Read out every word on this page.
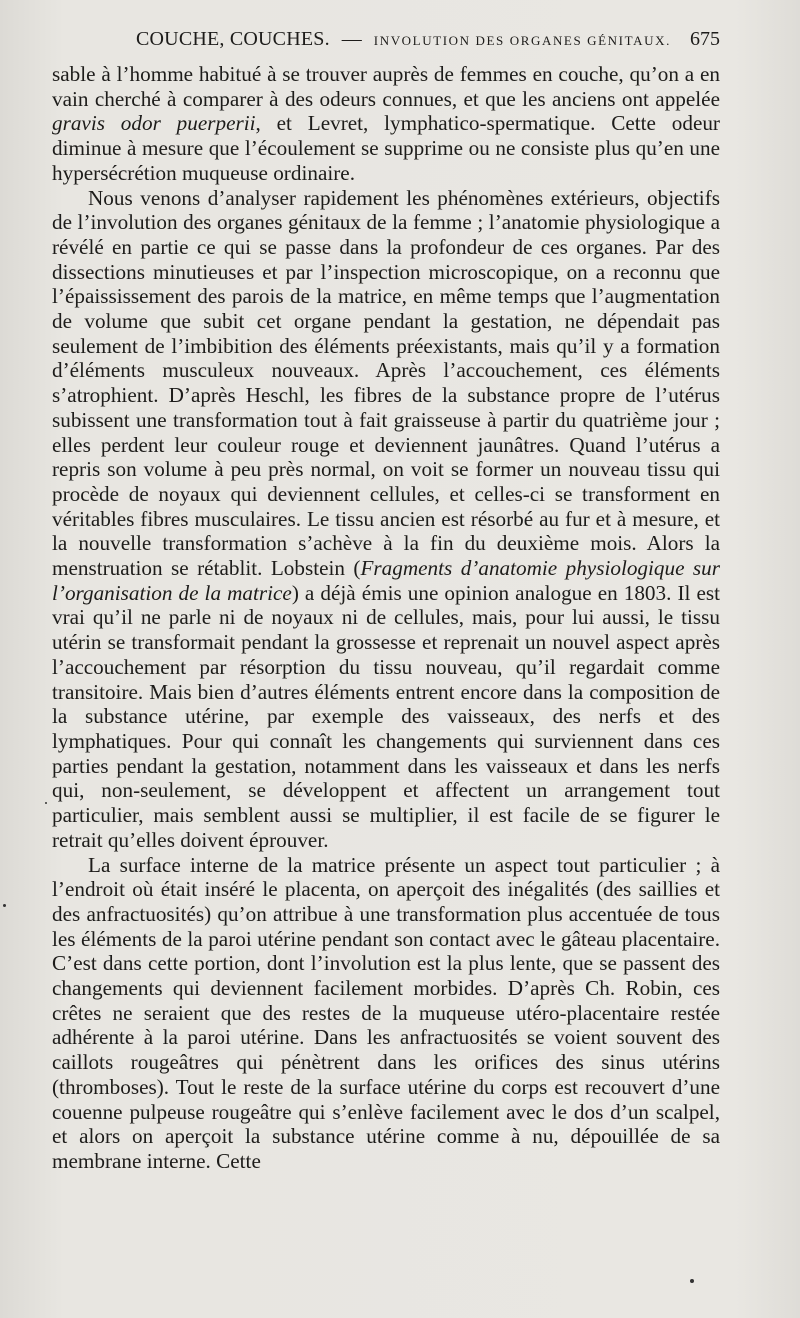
COUCHE, COUCHES. — INVOLUTION DES ORGANES GÉNITAUX. 675

sable à l’homme habitué à se trouver auprès de femmes en couche, qu’on a en vain cherché à comparer à des odeurs connues, et que les anciens ont appelée gravis odor puerperii, et Levret, lymphatico-spermatique. Cette odeur diminue à mesure que l’écoulement se supprime ou ne consiste plus qu’en une hypersécrétion muqueuse ordinaire.

Nous venons d’analyser rapidement les phénomènes extérieurs, objectifs de l’involution des organes génitaux de la femme ; l’anatomie physiologique a révélé en partie ce qui se passe dans la profondeur de ces organes. Par des dissections minutieuses et par l’inspection microscopique, on a reconnu que l’épaississement des parois de la matrice, en même temps que l’augmentation de volume que subit cet organe pendant la gestation, ne dépendait pas seulement de l’imbibition des éléments préexistants, mais qu’il y a formation d’éléments musculeux nouveaux. Après l’accouchement, ces éléments s’atrophient. D’après Heschl, les fibres de la substance propre de l’utérus subissent une transformation tout à fait graisseuse à partir du quatrième jour ; elles perdent leur couleur rouge et deviennent jaunâtres. Quand l’utérus a repris son volume à peu près normal, on voit se former un nouveau tissu qui procède de noyaux qui deviennent cellules, et celles-ci se transforment en véritables fibres musculaires. Le tissu ancien est résorbé au fur et à mesure, et la nouvelle transformation s’achève à la fin du deuxième mois. Alors la menstruation se rétablit. Lobstein (Fragments d’anatomie physiologique sur l’organisation de la matrice) a déjà émis une opinion analogue en 1803. Il est vrai qu’il ne parle ni de noyaux ni de cellules, mais, pour lui aussi, le tissu utérin se transformait pendant la grossesse et reprenait un nouvel aspect après l’accouchement par résorption du tissu nouveau, qu’il regardait comme transitoire. Mais bien d’autres éléments entrent encore dans la composition de la substance utérine, par exemple des vaisseaux, des nerfs et des lymphatiques. Pour qui connaît les changements qui surviennent dans ces parties pendant la gestation, notamment dans les vaisseaux et dans les nerfs qui, non-seulement, se développent et affectent un arrangement tout particulier, mais semblent aussi se multiplier, il est facile de se figurer le retrait qu’elles doivent éprouver.

La surface interne de la matrice présente un aspect tout particulier ; à l’endroit où était inséré le placenta, on aperçoit des inégalités (des saillies et des anfractuosités) qu’on attribue à une transformation plus accentuée de tous les éléments de la paroi utérine pendant son contact avec le gâteau placentaire. C’est dans cette portion, dont l’involution est la plus lente, que se passent des changements qui deviennent facilement morbides. D’après Ch. Robin, ces crêtes ne seraient que des restes de la muqueuse utéro-placentaire restée adhérente à la paroi utérine. Dans les anfractuosités se voient souvent des caillots rougeâtres qui pénètrent dans les orifices des sinus utérins (thromboses). Tout le reste de la surface utérine du corps est recouvert d’une couenne pulpeuse rougeâtre qui s’enlève facilement avec le dos d’un scalpel, et alors on aperçoit la substance utérine comme à nu, dépouillée de sa membrane interne. Cette
